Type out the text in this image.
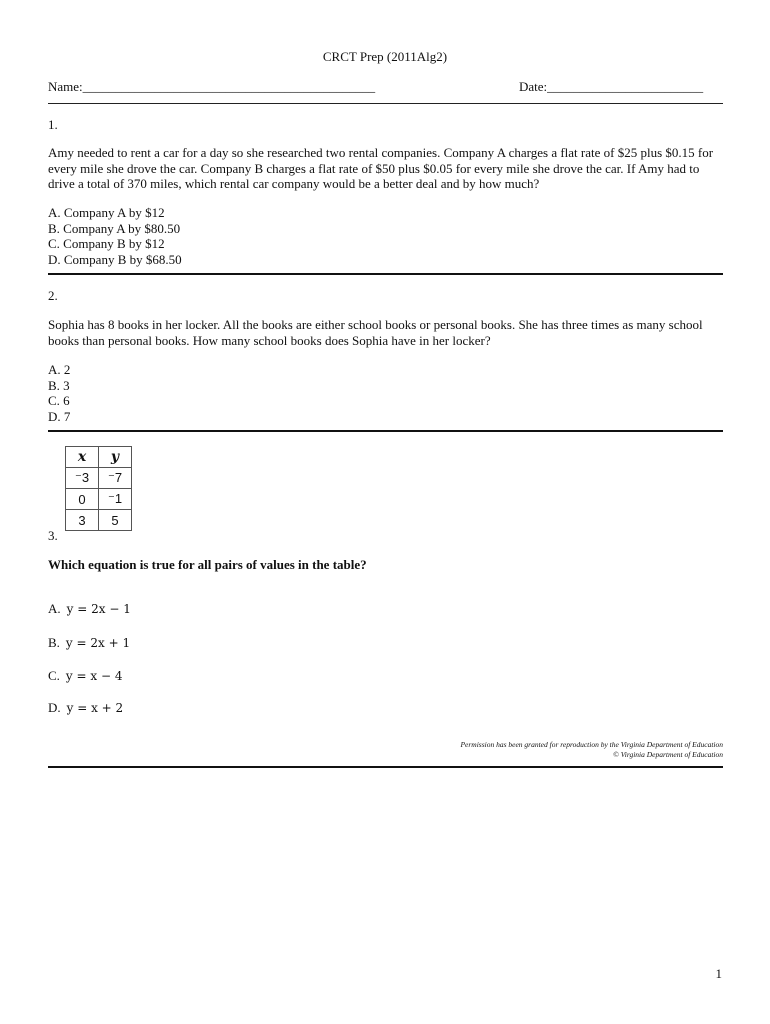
CRCT Prep (2011Alg2)
Name:_____________________________________________	Date:________________________
1.
Amy needed to rent a car for a day so she researched two rental companies. Company A charges a flat rate of $25 plus $0.15 for every mile she drove the car. Company B charges a flat rate of $50 plus $0.05 for every mile she drove the car. If Amy had to drive a total of 370 miles, which rental car company would be a better deal and by how much?
A. Company A by $12
B. Company A by $80.50
C. Company B by $12
D. Company B by $68.50
2.
Sophia has 8 books in her locker. All the books are either school books or personal books. She has three times as many school books than personal books. How many school books does Sophia have in her locker?
A. 2
B. 3
C. 6
D. 7
x	y
⁻3	⁻7
0	⁻1
3	5
3.
Which equation is true for all pairs of values in the table?
A. y = 2x − 1
B. y = 2x + 1
C. y = x − 4
D. y = x + 2
Permission has been granted for reproduction by the Virginia Department of Education
© Virginia Department of Education
1
